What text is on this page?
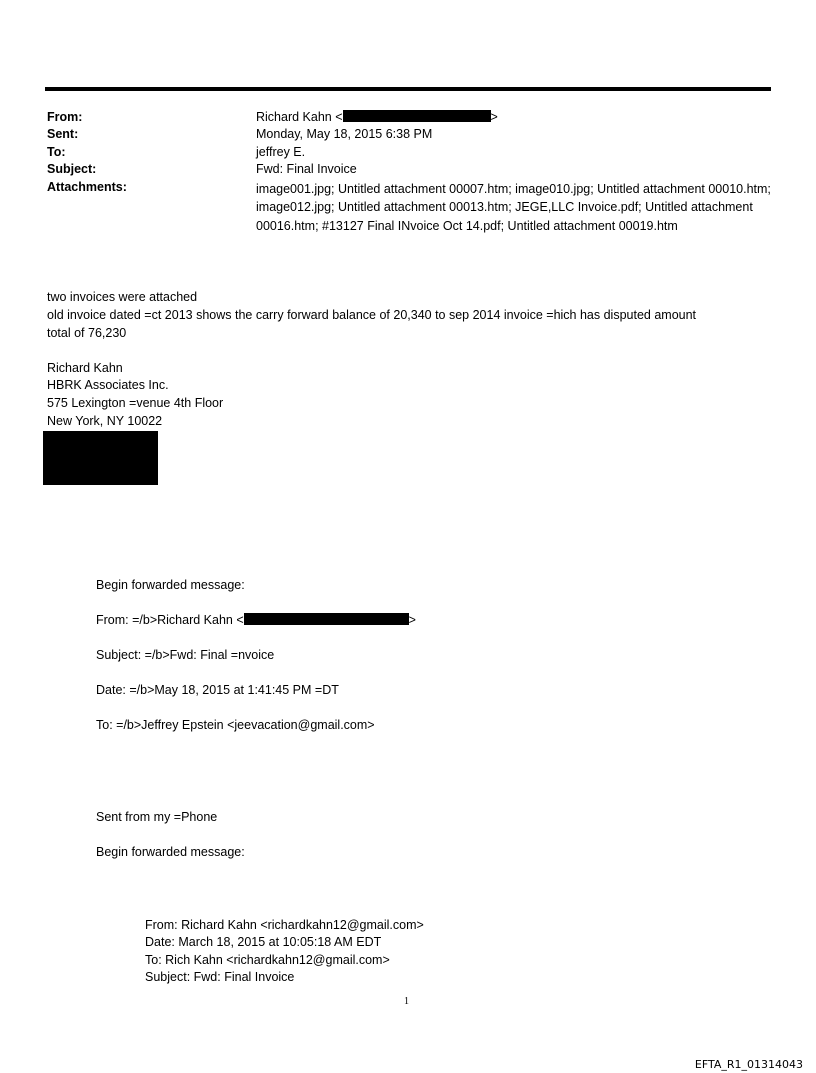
From:	Richard Kahn <	>
Sent:	Monday, May 18, 2015 6:38 PM
To:	jeffrey E.
Subject:	Fwd: Final Invoice
Attachments:	image001.jpg; Untitled attachment 00007.htm; image010.jpg; Untitled attachment 00010.htm; image012.jpg; Untitled attachment 00013.htm; JEGE,LLC Invoice.pdf; Untitled attachment 00016.htm; #13127 Final INvoice Oct 14.pdf; Untitled attachment 00019.htm
two invoices were attached
old invoice dated =ct 2013 shows the carry forward balance of 20,340 to sep 2014 invoice =hich has disputed amount
total of 76,230
Richard Kahn
HBRK Associates Inc.
575 Lexington =venue 4th Floor
New York, NY 10022
Begin forwarded message:
From: =/b>Richard Kahn <	>
Subject: =/b>Fwd: Final =nvoice
Date: =/b>May 18, 2015 at 1:41:45 PM =DT
To: =/b>Jeffrey Epstein <jeevacation@gmail.com>
Sent from my =Phone
Begin forwarded message:
From: Richard Kahn <richardkahn12@gmail.com>
Date: March 18, 2015 at 10:05:18 AM EDT
To: Rich Kahn <richardkahn12@gmail.com>
Subject: Fwd: Final Invoice
1
EFTA_R1_01314043
